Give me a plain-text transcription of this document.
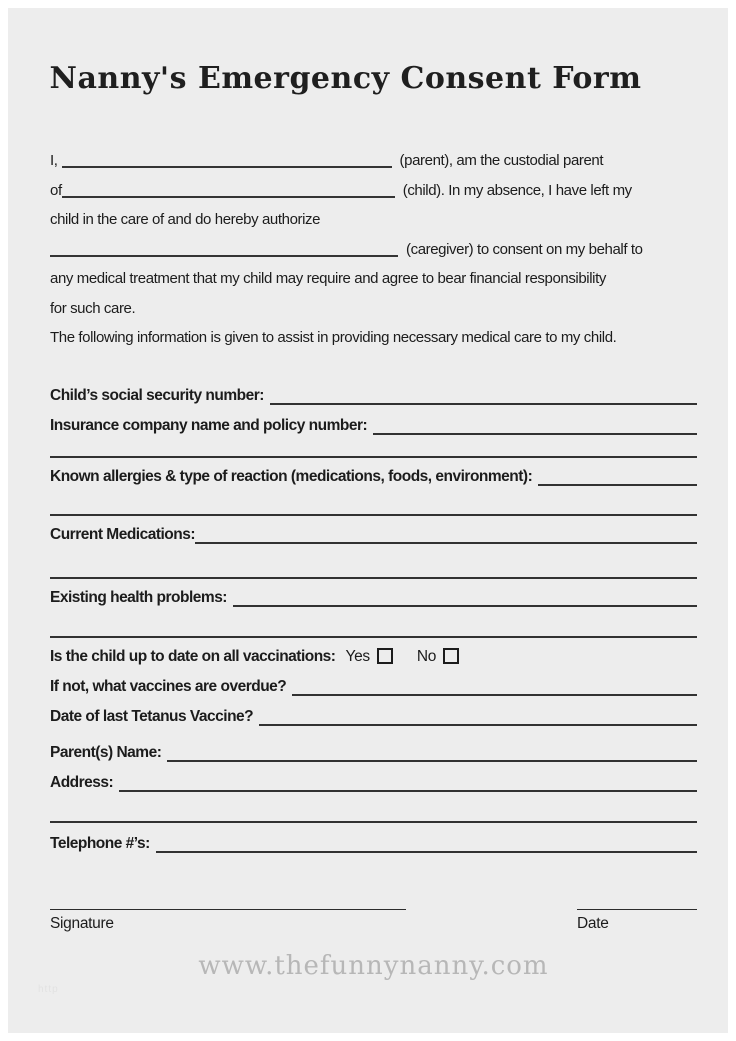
Nanny's Emergency Consent Form
I,	(parent), am the custodial parent
of	(child). In my absence, I have left my
child in the care of and do hereby authorize
(caregiver) to consent on my behalf to
any medical treatment that my child may require and agree to bear financial responsibility
for such care.
The following information is given to assist in providing necessary medical care to my child.
Child’s social security number:
Insurance company name and policy number:
Known allergies & type of reaction (medications, foods, environment):
Current Medications:
Existing health problems:
Is the child up to date on all vaccinations: Yes	No
If not, what vaccines are overdue?
Date of last Tetanus Vaccine?
Parent(s) Name:
Address:
Telephone #’s:
Signature	Date
www.thefunnynanny.com
http
